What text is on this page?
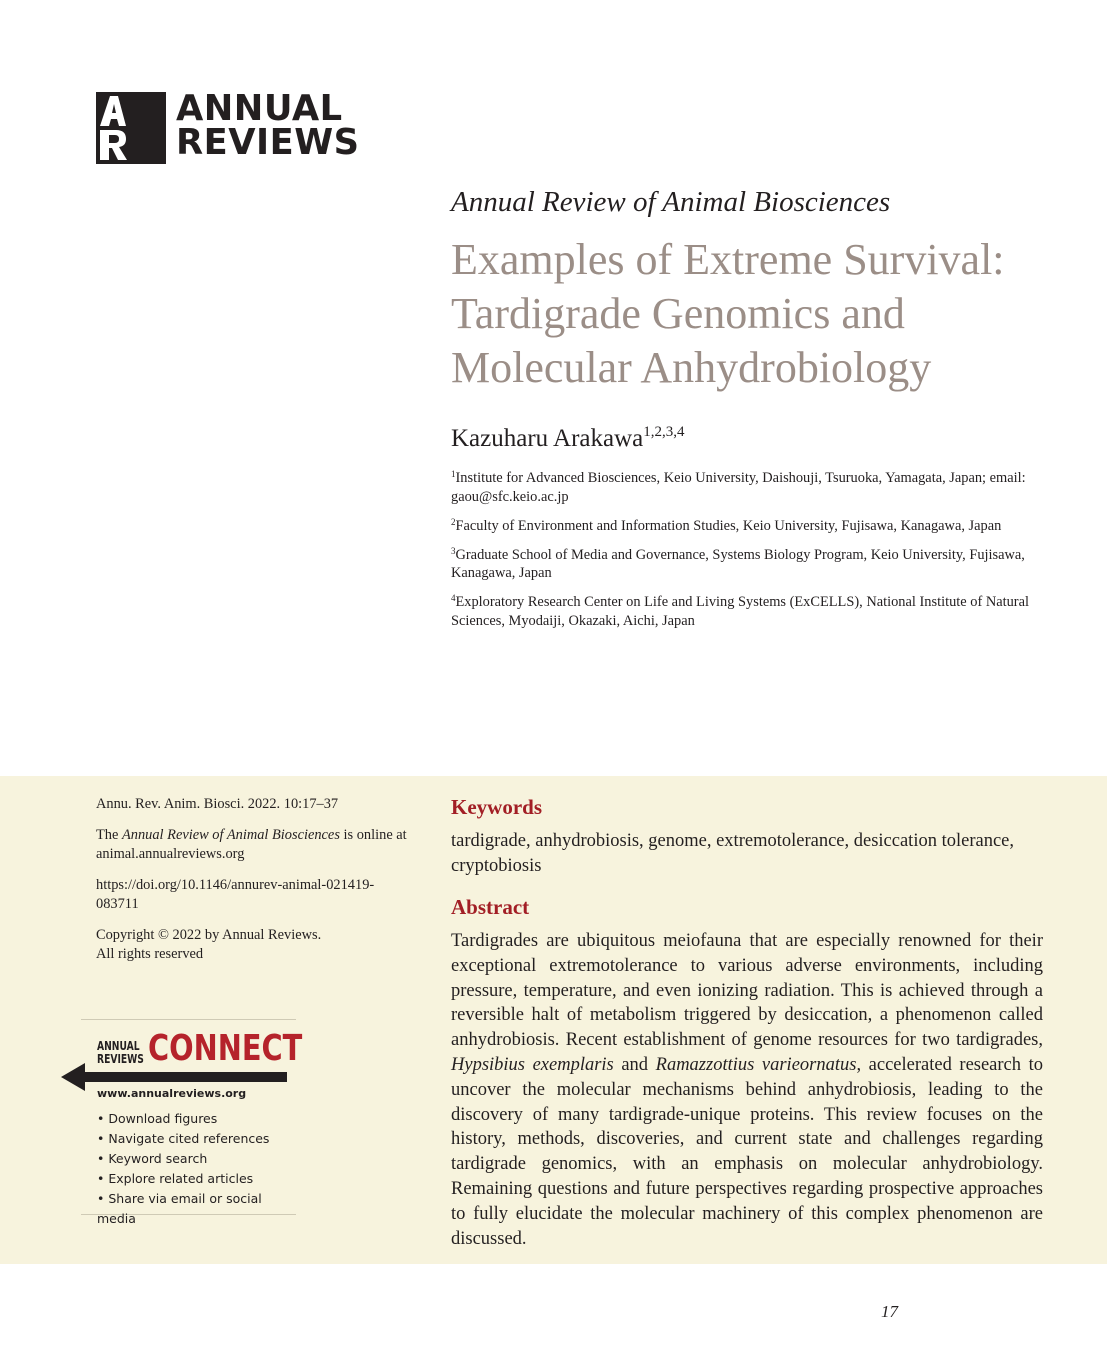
ANNUAL
REVIEWS
Annual Review of Animal Biosciences
Examples of Extreme Survival:
Tardigrade Genomics and
Molecular Anhydrobiology
Kazuharu Arakawa$^{1,2,3,4}$
$^1$Institute for Advanced Biosciences, Keio University, Daishouji, Tsuruoka, Yamagata, Japan; email: gaou@sfc.keio.ac.jp
$^2$Faculty of Environment and Information Studies, Keio University, Fujisawa, Kanagawa, Japan
$^3$Graduate School of Media and Governance, Systems Biology Program, Keio University, Fujisawa, Kanagawa, Japan
$^4$Exploratory Research Center on Life and Living Systems (ExCELLS), National Institute of Natural Sciences, Myodaiji, Okazaki, Aichi, Japan

Annu. Rev. Anim. Biosci. 2022. 10:17–37

The Annual Review of Animal Biosciences is online at animal.annualreviews.org

https://doi.org/10.1146/annurev-animal-021419-083711

Copyright © 2022 by Annual Reviews.
All rights reserved

ANNUAL
REVIEWS CONNECT
www.annualreviews.org
• Download figures
• Navigate cited references
• Keyword search
• Explore related articles
• Share via email or social media
Keywords
tardigrade, anhydrobiosis, genome, extremotolerance, desiccation tolerance, cryptobiosis
Abstract

Tardigrades are ubiquitous meiofauna that are especially renowned for their exceptional extremotolerance to various adverse environments, including pressure, temperature, and even ionizing radiation. This is achieved through a reversible halt of metabolism triggered by desiccation, a phenomenon called anhydrobiosis. Recent establishment of genome resources for two tardigrades, Hypsibius exemplaris and Ramazzottius varieornatus, accelerated research to uncover the molecular mechanisms behind anhydrobiosis, leading to the discovery of many tardigrade-unique proteins. This review focuses on the history, methods, discoveries, and current state and challenges regarding tardigrade genomics, with an emphasis on molecular anhydrobiology. Remaining questions and future perspectives regarding prospective approaches to fully elucidate the molecular machinery of this complex phenomenon are discussed.

17
